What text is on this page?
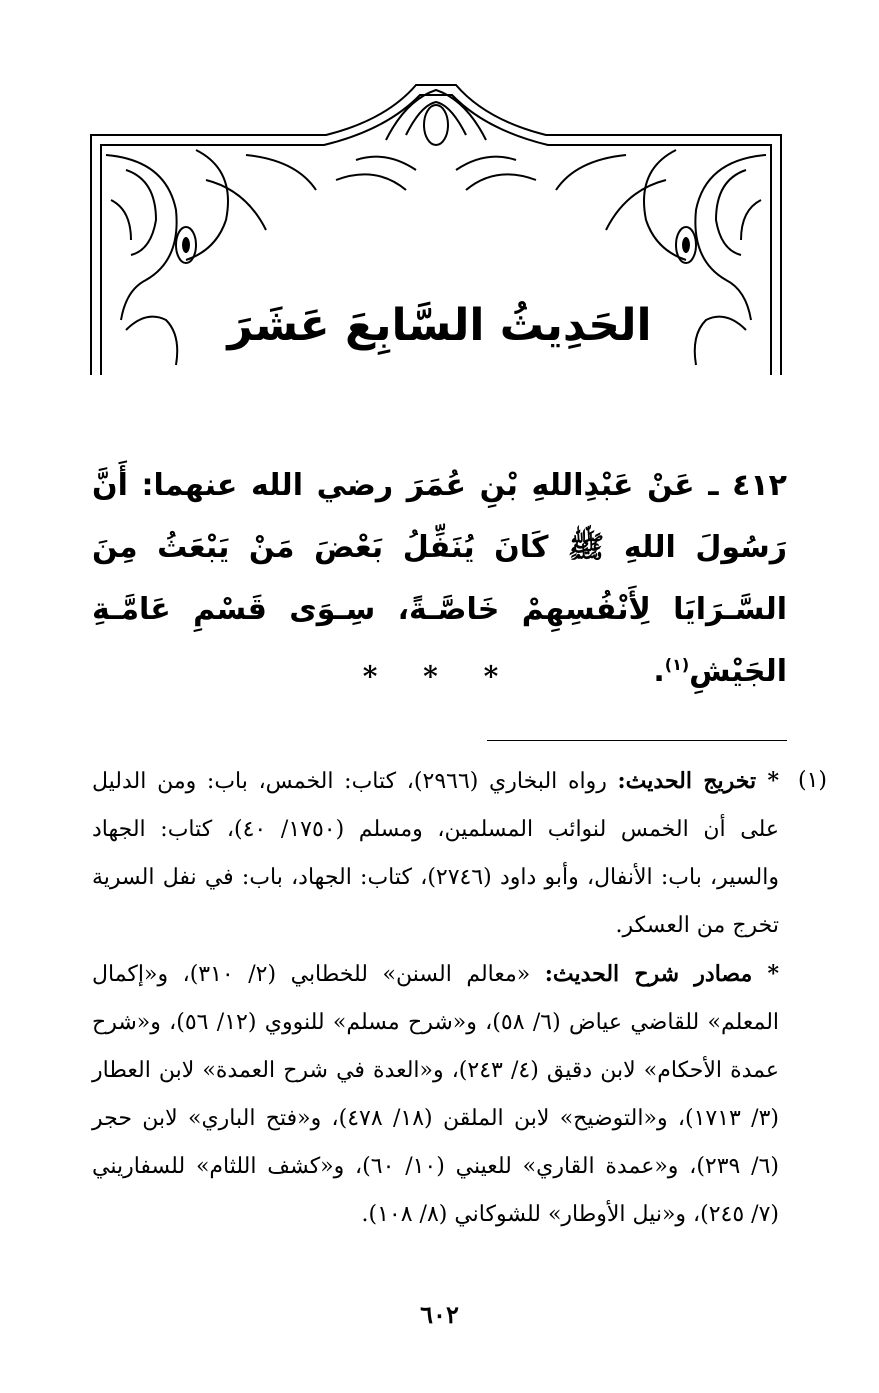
الحَدِيثُ السَّابِعَ عَشَرَ
٤١٢ ـ عَنْ عَبْدِاللهِ بْنِ عُمَرَ رضي الله عنهما: أَنَّ رَسُولَ اللهِ ﷺ كَانَ يُنَفِّلُ بَعْضَ مَنْ يَبْعَثُ مِنَ السَّـرَايَا لِأَنْفُسِهِمْ خَاصَّـةً، سِـوَى قَسْمِ عَامَّـةِ الجَيْشِ$^{(١)}$.
* * *
(١)

* تخريج الحديث: رواه البخاري (٢٩٦٦)، كتاب: الخمس، باب: ومن الدليل على أن الخمس لنوائب المسلمين، ومسلم (١٧٥٠/ ٤٠)، كتاب: الجهاد والسير، باب: الأنفال، وأبو داود (٢٧٤٦)، كتاب: الجهاد، باب: في نفل السرية تخرج من العسكر.

* مصادر شرح الحديث: «معالم السنن» للخطابي (٢/ ٣١٠)، و«إكمال المعلم» للقاضي عياض (٦/ ٥٨)، و«شرح مسلم» للنووي (١٢/ ٥٦)، و«شرح عمدة الأحكام» لابن دقيق (٤/ ٢٤٣)، و«العدة في شرح العمدة» لابن العطار (٣/ ١٧١٣)، و«التوضيح» لابن الملقن (١٨/ ٤٧٨)، و«فتح الباري» لابن حجر (٦/ ٢٣٩)، و«عمدة القاري» للعيني (١٠/ ٦٠)، و«كشف اللثام» للسفاريني (٧/ ٢٤٥)، و«نيل الأوطار» للشوكاني (٨/ ١٠٨).

٦٠٢
